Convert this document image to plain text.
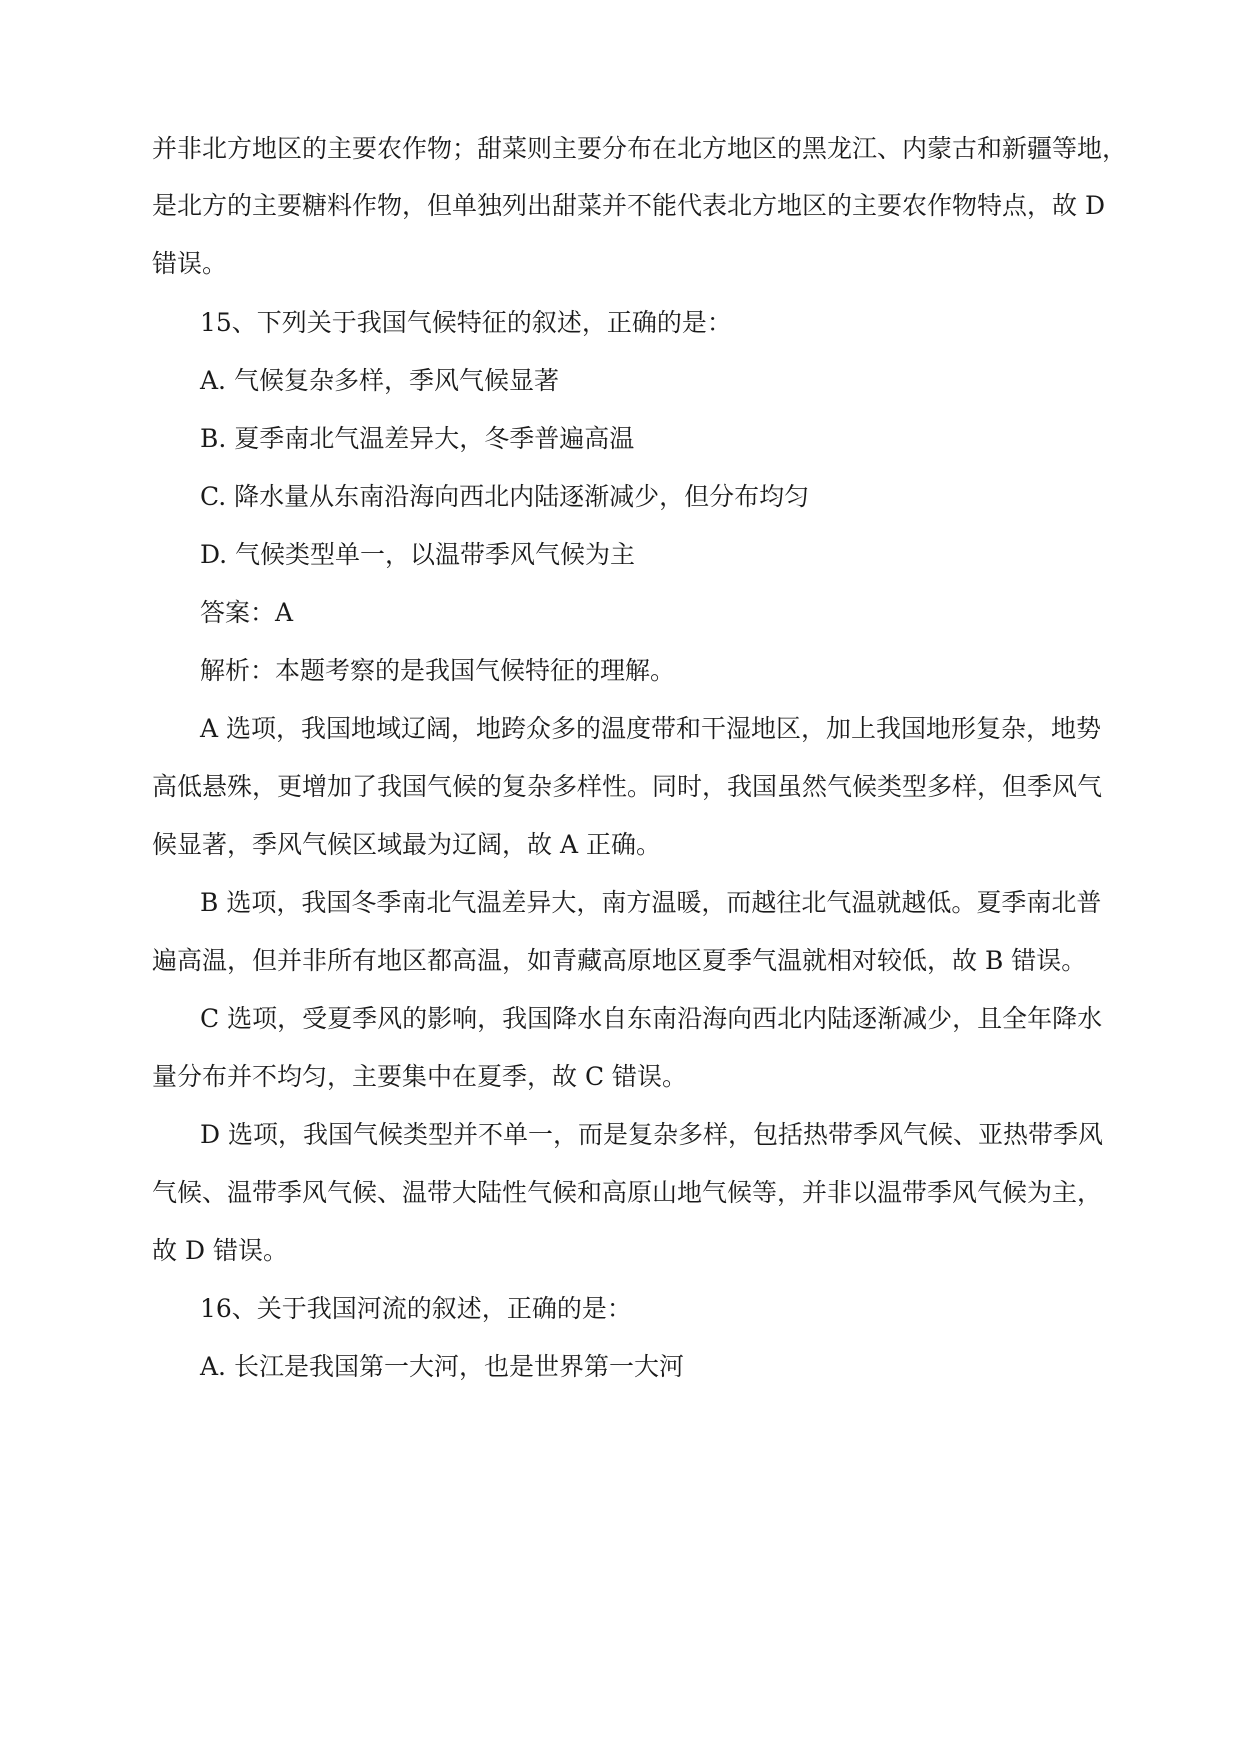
并非北方地区的主要农作物；甜菜则主要分布在北方地区的黑龙江、内蒙古和新疆等地，

是北方的主要糖料作物，但单独列出甜菜并不能代表北方地区的主要农作物特点，故 D

错误。

15、下列关于我国气候特征的叙述，正确的是：

A. 气候复杂多样，季风气候显著

B. 夏季南北气温差异大，冬季普遍高温

C. 降水量从东南沿海向西北内陆逐渐减少，但分布均匀

D. 气候类型单一，以温带季风气候为主

答案：A

解析：本题考察的是我国气候特征的理解。

A 选项，我国地域辽阔，地跨众多的温度带和干湿地区，加上我国地形复杂，地势

高低悬殊，更增加了我国气候的复杂多样性。同时，我国虽然气候类型多样，但季风气

候显著，季风气候区域最为辽阔，故 A 正确。

B 选项，我国冬季南北气温差异大，南方温暖，而越往北气温就越低。夏季南北普

遍高温，但并非所有地区都高温，如青藏高原地区夏季气温就相对较低，故 B 错误。

C 选项，受夏季风的影响，我国降水自东南沿海向西北内陆逐渐减少，且全年降水

量分布并不均匀，主要集中在夏季，故 C 错误。

D 选项，我国气候类型并不单一，而是复杂多样，包括热带季风气候、亚热带季风

气候、温带季风气候、温带大陆性气候和高原山地气候等，并非以温带季风气候为主，

故 D 错误。

16、关于我国河流的叙述，正确的是：

A. 长江是我国第一大河，也是世界第一大河
